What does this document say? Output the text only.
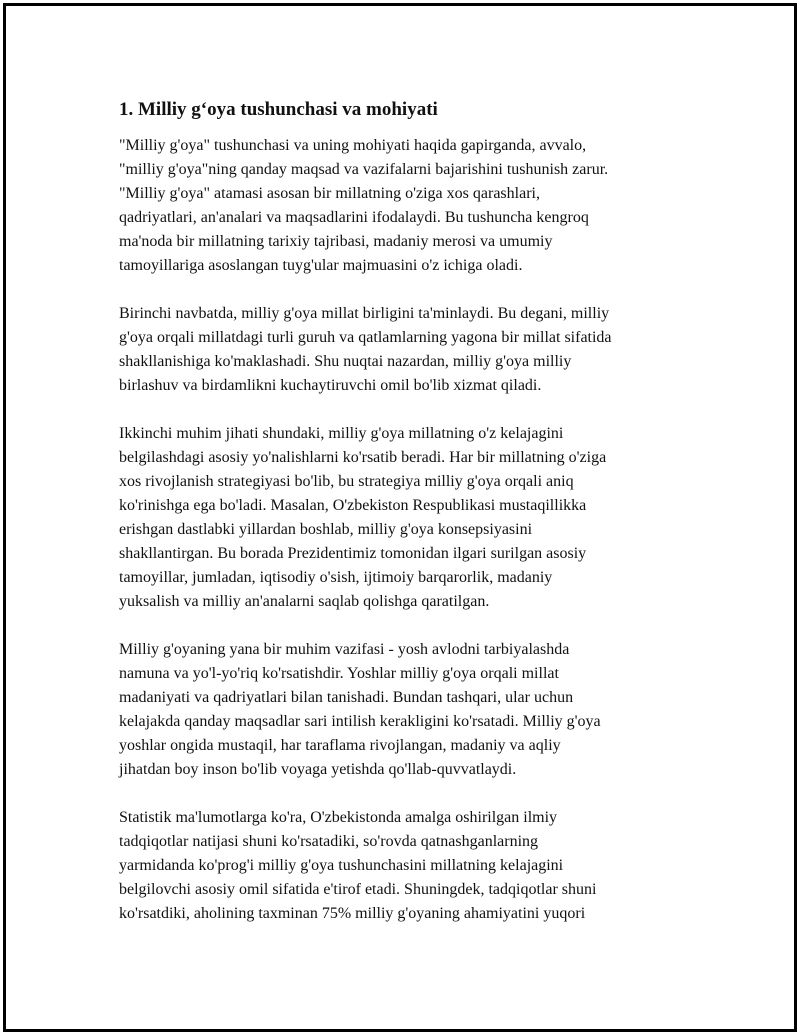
1. Milliy g‘oya tushunchasi va mohiyati

"Milliy g'oya" tushunchasi va uning mohiyati haqida gapirganda, avvalo,
"milliy g'oya"ning qanday maqsad va vazifalarni bajarishini tushunish zarur.
"Milliy g'oya" atamasi asosan bir millatning o'ziga xos qarashlari,
qadriyatlari, an'analari va maqsadlarini ifodalaydi. Bu tushuncha kengroq
ma'noda bir millatning tarixiy tajribasi, madaniy merosi va umumiy
tamoyillariga asoslangan tuyg'ular majmuasini o'z ichiga oladi.

Birinchi navbatda, milliy g'oya millat birligini ta'minlaydi. Bu degani, milliy
g'oya orqali millatdagi turli guruh va qatlamlarning yagona bir millat sifatida
shakllanishiga ko'maklashadi. Shu nuqtai nazardan, milliy g'oya milliy
birlashuv va birdamlikni kuchaytiruvchi omil bo'lib xizmat qiladi.

Ikkinchi muhim jihati shundaki, milliy g'oya millatning o'z kelajagini
belgilashdagi asosiy yo'nalishlarni ko'rsatib beradi. Har bir millatning o'ziga
xos rivojlanish strategiyasi bo'lib, bu strategiya milliy g'oya orqali aniq
ko'rinishga ega bo'ladi. Masalan, O'zbekiston Respublikasi mustaqillikka
erishgan dastlabki yillardan boshlab, milliy g'oya konsepsiyasini
shakllantirgan. Bu borada Prezidentimiz tomonidan ilgari surilgan asosiy
tamoyillar, jumladan, iqtisodiy o'sish, ijtimoiy barqarorlik, madaniy
yuksalish va milliy an'analarni saqlab qolishga qaratilgan.

Milliy g'oyaning yana bir muhim vazifasi - yosh avlodni tarbiyalashda
namuna va yo'l-yo'riq ko'rsatishdir. Yoshlar milliy g'oya orqali millat
madaniyati va qadriyatlari bilan tanishadi. Bundan tashqari, ular uchun
kelajakda qanday maqsadlar sari intilish kerakligini ko'rsatadi. Milliy g'oya
yoshlar ongida mustaqil, har taraflama rivojlangan, madaniy va aqliy
jihatdan boy inson bo'lib voyaga yetishda qo'llab-quvvatlaydi.

Statistik ma'lumotlarga ko'ra, O'zbekistonda amalga oshirilgan ilmiy
tadqiqotlar natijasi shuni ko'rsatadiki, so'rovda qatnashganlarning
yarmidanda ko'prog'i milliy g'oya tushunchasini millatning kelajagini
belgilovchi asosiy omil sifatida e'tirof etadi. Shuningdek, tadqiqotlar shuni
ko'rsatdiki, aholining taxminan 75% milliy g'oyaning ahamiyatini yuqori
